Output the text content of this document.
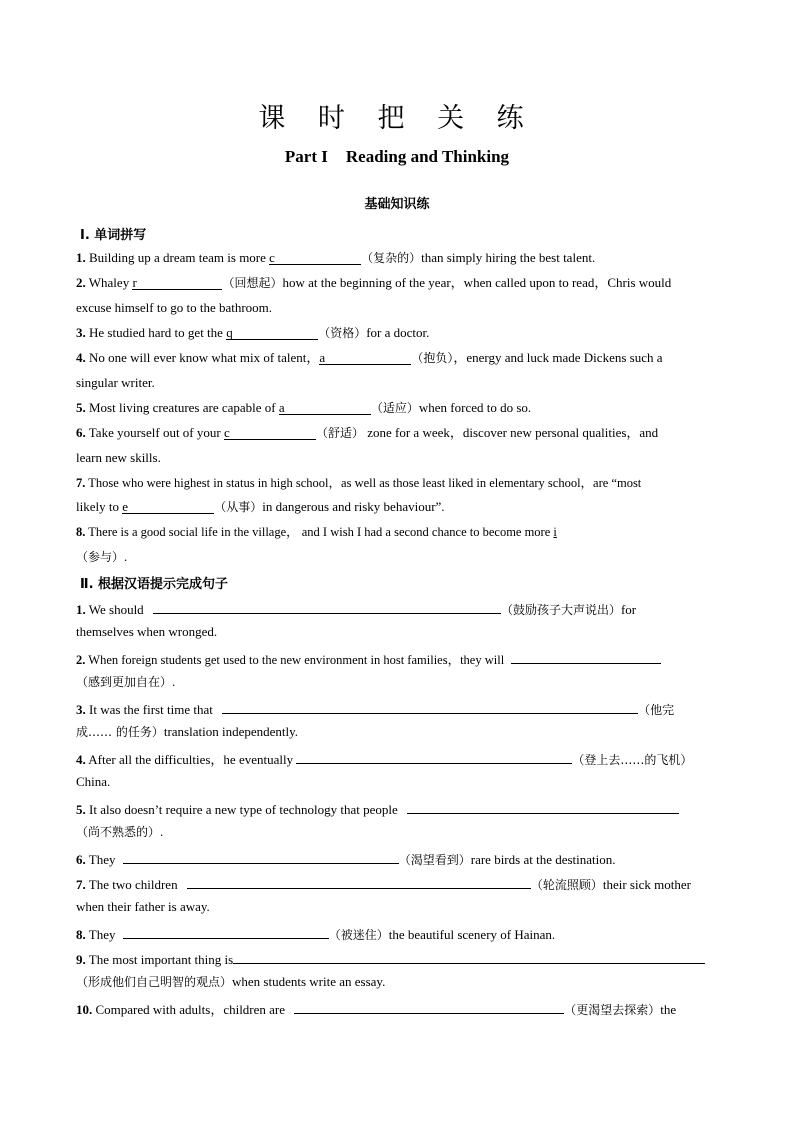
课 时 把 关 练
Part I Reading and Thinking
基础知识练
Ⅰ. 单词拼写
1. Building up a dream team is more c	（复杂的）than simply hiring the best talent.
2. Whaley r	（回想起）how at the beginning of the year，when called upon to read，Chris would
excuse himself to go to the bathroom.
3. He studied hard to get the q	（资格）for a doctor.
4. No one will ever know what mix of talent，a	（抱负），energy and luck made Dickens such a
singular writer.
5. Most living creatures are capable of a	（适应）when forced to do so.
6. Take yourself out of your c	（舒适） zone for a week，discover new personal qualities，and
learn new skills.
7. Those who were highest in status in high school，as well as those least liked in elementary school，are “most
likely to e	（从事）in dangerous and risky behaviour”.
8. There is a good social life in the village， and I wish I had a second chance to become more i
（参与）.
Ⅱ. 根据汉语提示完成句子
1. We should	（鼓励孩子大声说出）for
themselves when wronged.
2. When foreign students get used to the new environment in host families，they will
（感到更加自在）.
3. It was the first time that	（他完
成…… 的任务）translation independently.
4. After all the difficulties，he eventually	（登上去……的飞机）
China.
5. It also doesn’t require a new type of technology that people
（尚不熟悉的）.
6. They	（渴望看到）rare birds at the destination.
7. The two children	（轮流照顾）their sick mother
when their father is away.
8. They	（被迷住）the beautiful scenery of Hainan.
9. The most important thing is
（形成他们自己明智的观点）when students write an essay.
10. Compared with adults，children are	（更渴望去探索）the
